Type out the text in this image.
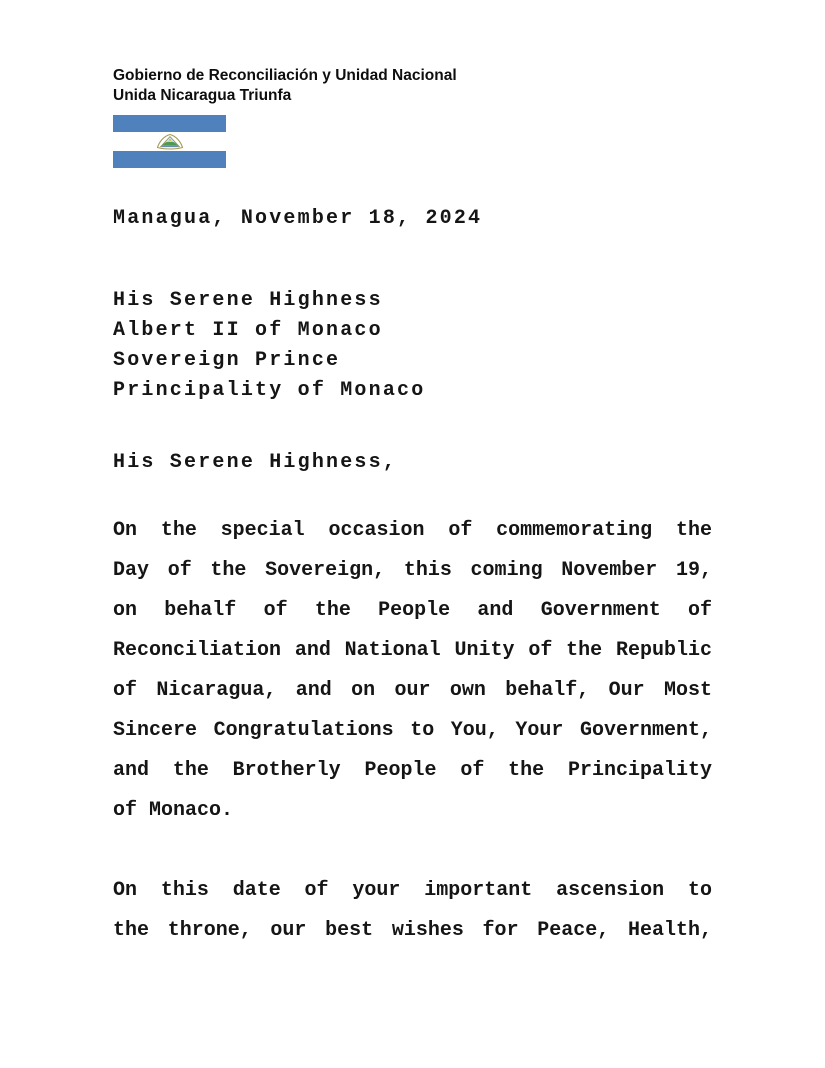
Gobierno de Reconciliación y Unidad Nacional
Unida Nicaragua Triunfa
Managua, November 18, 2024
His Serene Highness
Albert II of Monaco
Sovereign Prince
Principality of Monaco
His Serene Highness,
On the special occasion of commemorating the
Day of the Sovereign, this coming November 19,
on behalf of the People and Government of
Reconciliation and National Unity of the Republic
of Nicaragua, and on our own behalf, Our Most
Sincere Congratulations to You, Your Government,
and the Brotherly People of the Principality
of Monaco.
On this date of your important ascension to
the throne, our best wishes for Peace, Health,
